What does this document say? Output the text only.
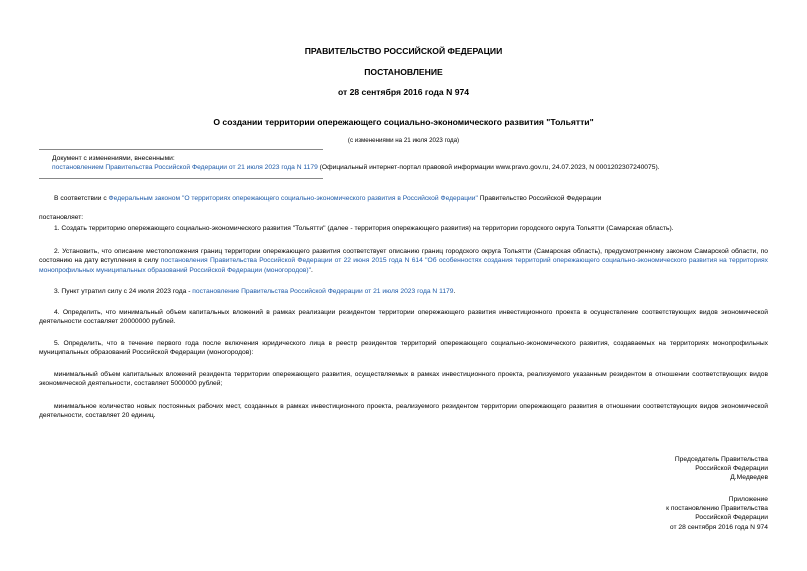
ПРАВИТЕЛЬСТВО РОССИЙСКОЙ ФЕДЕРАЦИИ
ПОСТАНОВЛЕНИЕ
от 28 сентября 2016 года N 974
О создании территории опережающего социально-экономического развития "Тольятти"
(с изменениями на 21 июля 2023 года)
Документ с изменениями, внесенными:
постановлением Правительства Российской Федерации от 21 июля 2023 года N 1179 (Официальный интернет-портал правовой информации www.pravo.gov.ru, 24.07.2023, N 0001202307240075).
В соответствии с Федеральным законом "О территориях опережающего социально-экономического развития в Российской Федерации" Правительство Российской Федерации
постановляет:
1. Создать территорию опережающего социально-экономического развития "Тольятти" (далее - территория опережающего развития) на территории городского округа Тольятти (Самарская область).
2. Установить, что описание местоположения границ территории опережающего развития соответствует описанию границ городского округа Тольятти (Самарская область), предусмотренному законом Самарской области, по состоянию на дату вступления в силу постановления Правительства Российской Федерации от 22 июня 2015 года N 614 "Об особенностях создания территорий опережающего социально-экономического развития на территориях монопрофильных муниципальных образований Российской Федерации (моногородов)".
3. Пункт утратил силу с 24 июля 2023 года - постановление Правительства Российской Федерации от 21 июля 2023 года N 1179.
4. Определить, что минимальный объем капитальных вложений в рамках реализации резидентом территории опережающего развития инвестиционного проекта в осуществление соответствующих видов экономической деятельности составляет 20000000 рублей.
5. Определить, что в течение первого года после включения юридического лица в реестр резидентов территорий опережающего социально-экономического развития, создаваемых на территориях монопрофильных муниципальных образований Российской Федерации (моногородов):
минимальный объем капитальных вложений резидента территории опережающего развития, осуществляемых в рамках инвестиционного проекта, реализуемого указанным резидентом в отношении соответствующих видов экономической деятельности, составляет 5000000 рублей;
минимальное количество новых постоянных рабочих мест, созданных в рамках инвестиционного проекта, реализуемого резидентом территории опережающего развития в отношении соответствующих видов экономической деятельности, составляет 20 единиц.
Председатель Правительства
Российской Федерации
Д.Медведев
Приложение
к постановлению Правительства
Российской Федерации
от 28 сентября 2016 года N 974
